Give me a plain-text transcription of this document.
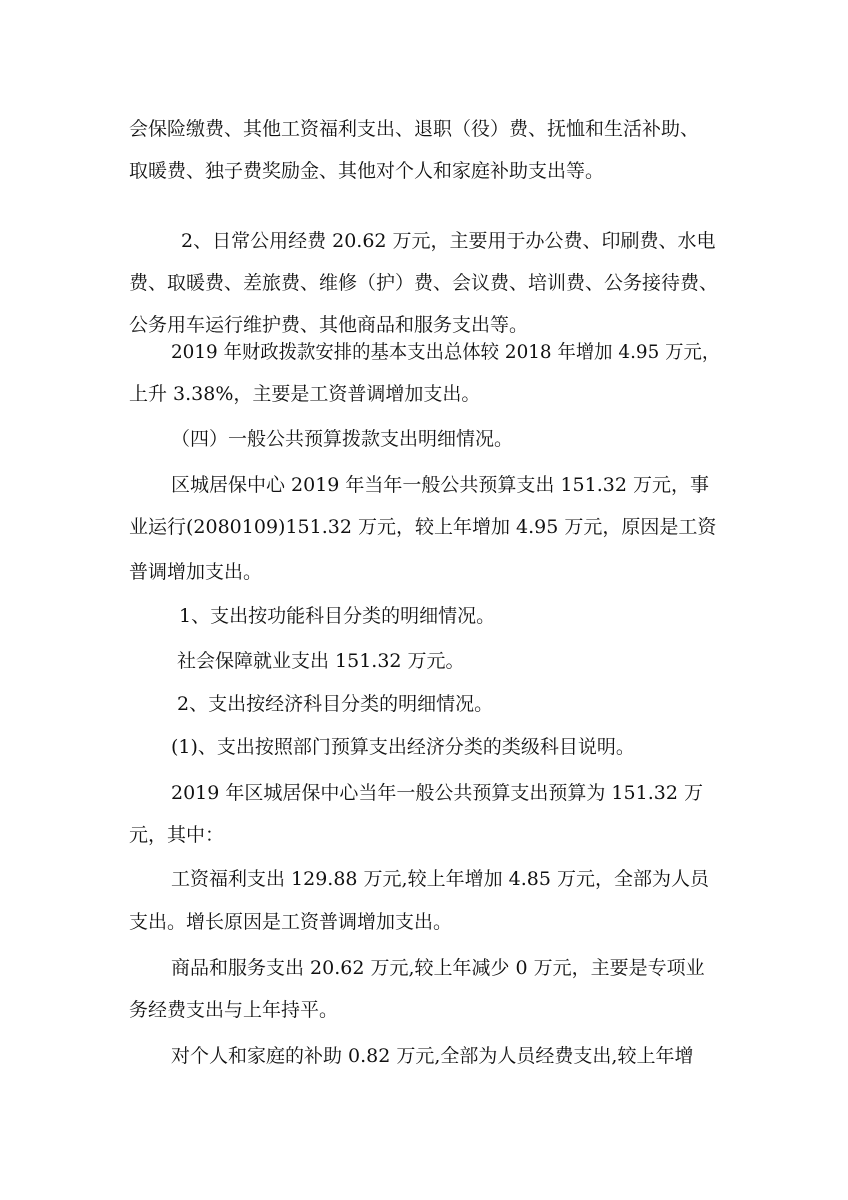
会保险缴费、其他工资福利支出、退职（役）费、抚恤和生活补助、
取暖费、独子费奖励金、其他对个人和家庭补助支出等。
2、日常公用经费 20.62 万元，主要用于办公费、印刷费、水电
费、取暖费、差旅费、维修（护）费、会议费、培训费、公务接待费、
公务用车运行维护费、其他商品和服务支出等。
2019 年财政拨款安排的基本支出总体较 2018 年增加 4.95 万元，
上升 3.38%，主要是工资普调增加支出。
（四）一般公共预算拨款支出明细情况。
区城居保中心 2019 年当年一般公共预算支出 151.32 万元，事
业运行(2080109)151.32 万元，较上年增加 4.95 万元，原因是工资
普调增加支出。
1、支出按功能科目分类的明细情况。
社会保障就业支出 151.32 万元。
2、支出按经济科目分类的明细情况。
(1)、支出按照部门预算支出经济分类的类级科目说明。
2019 年区城居保中心当年一般公共预算支出预算为 151.32 万
元，其中：
工资福利支出 129.88 万元,较上年增加 4.85 万元，全部为人员
支出。增长原因是工资普调增加支出。
商品和服务支出 20.62 万元,较上年减少 0 万元，主要是专项业
务经费支出与上年持平。
对个人和家庭的补助 0.82 万元,全部为人员经费支出,较上年增
